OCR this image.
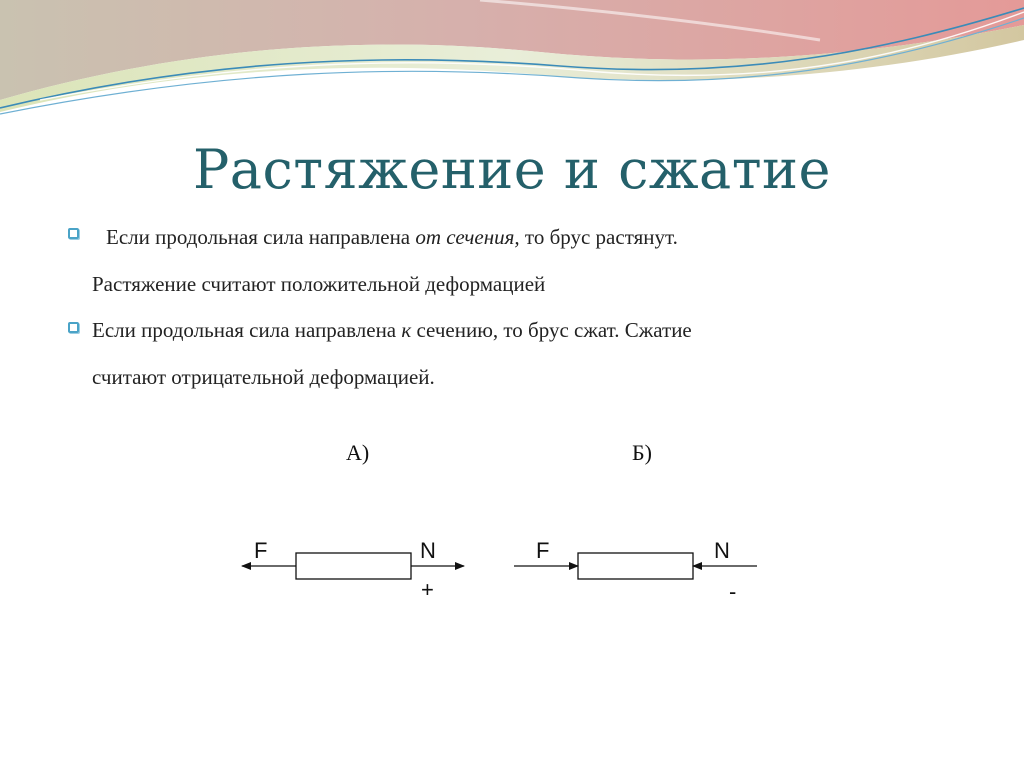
Растяжение и сжатие

Если продольная сила направлена от сечения, то брус растянут.

Растяжение считают положительной деформацией

Если продольная сила направлена к сечению, то брус сжат. Сжатие

считают отрицательной деформацией.

А)	Б)
F	N
+
F	N
-
